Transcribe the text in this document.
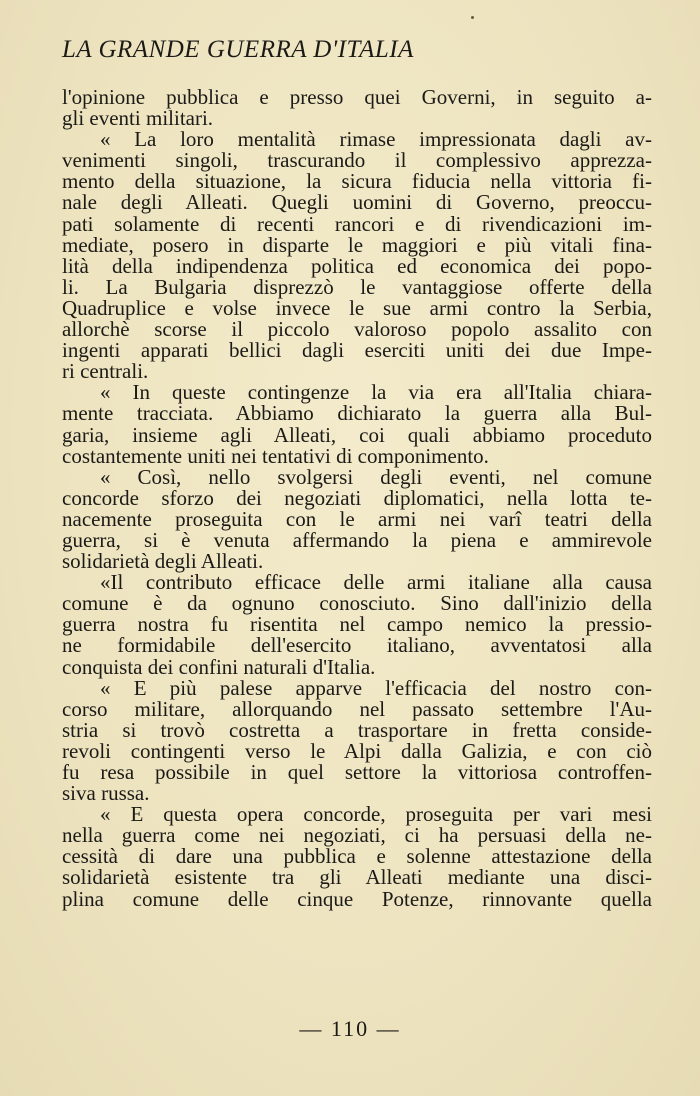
LA GRANDE GUERRA D'ITALIA
l'opinione pubblica e presso quei Governi, in seguito a-
gli eventi militari.
« La loro mentalità rimase impressionata dagli av-
venimenti singoli, trascurando il complessivo apprezza-
mento della situazione, la sicura fiducia nella vittoria fi-
nale degli Alleati. Quegli uomini di Governo, preoccu-
pati solamente di recenti rancori e di rivendicazioni im-
mediate, posero in disparte le maggiori e più vitali fina-
lità della indipendenza politica ed economica dei popo-
li. La Bulgaria disprezzò le vantaggiose offerte della
Quadruplice e volse invece le sue armi contro la Serbia,
allorchè scorse il piccolo valoroso popolo assalito con
ingenti apparati bellici dagli eserciti uniti dei due Impe-
ri centrali.
« In queste contingenze la via era all'Italia chiara-
mente tracciata. Abbiamo dichiarato la guerra alla Bul-
garia, insieme agli Alleati, coi quali abbiamo proceduto
costantemente uniti nei tentativi di componimento.
« Così, nello svolgersi degli eventi, nel comune
concorde sforzo dei negoziati diplomatici, nella lotta te-
nacemente proseguita con le armi nei varî teatri della
guerra, si è venuta affermando la piena e ammirevole
solidarietà degli Alleati.
«Il contributo efficace delle armi italiane alla causa
comune è da ognuno conosciuto. Sino dall'inizio della
guerra nostra fu risentita nel campo nemico la pressio-
ne formidabile dell'esercito italiano, avventatosi alla
conquista dei confini naturali d'Italia.
« E più palese apparve l'efficacia del nostro con-
corso militare, allorquando nel passato settembre l'Au-
stria si trovò costretta a trasportare in fretta conside-
revoli contingenti verso le Alpi dalla Galizia, e con ciò
fu resa possibile in quel settore la vittoriosa controffen-
siva russa.
« E questa opera concorde, proseguita per vari mesi
nella guerra come nei negoziati, ci ha persuasi della ne-
cessità di dare una pubblica e solenne attestazione della
solidarietà esistente tra gli Alleati mediante una disci-
plina comune delle cinque Potenze, rinnovante quella
— 110 —
